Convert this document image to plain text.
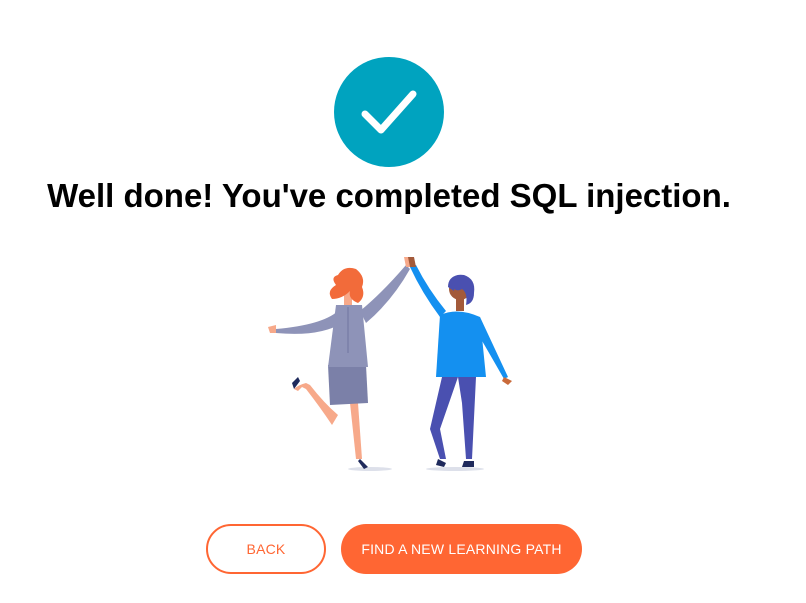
Well done! You've completed SQL injection.
BACK	FIND A NEW LEARNING PATH
